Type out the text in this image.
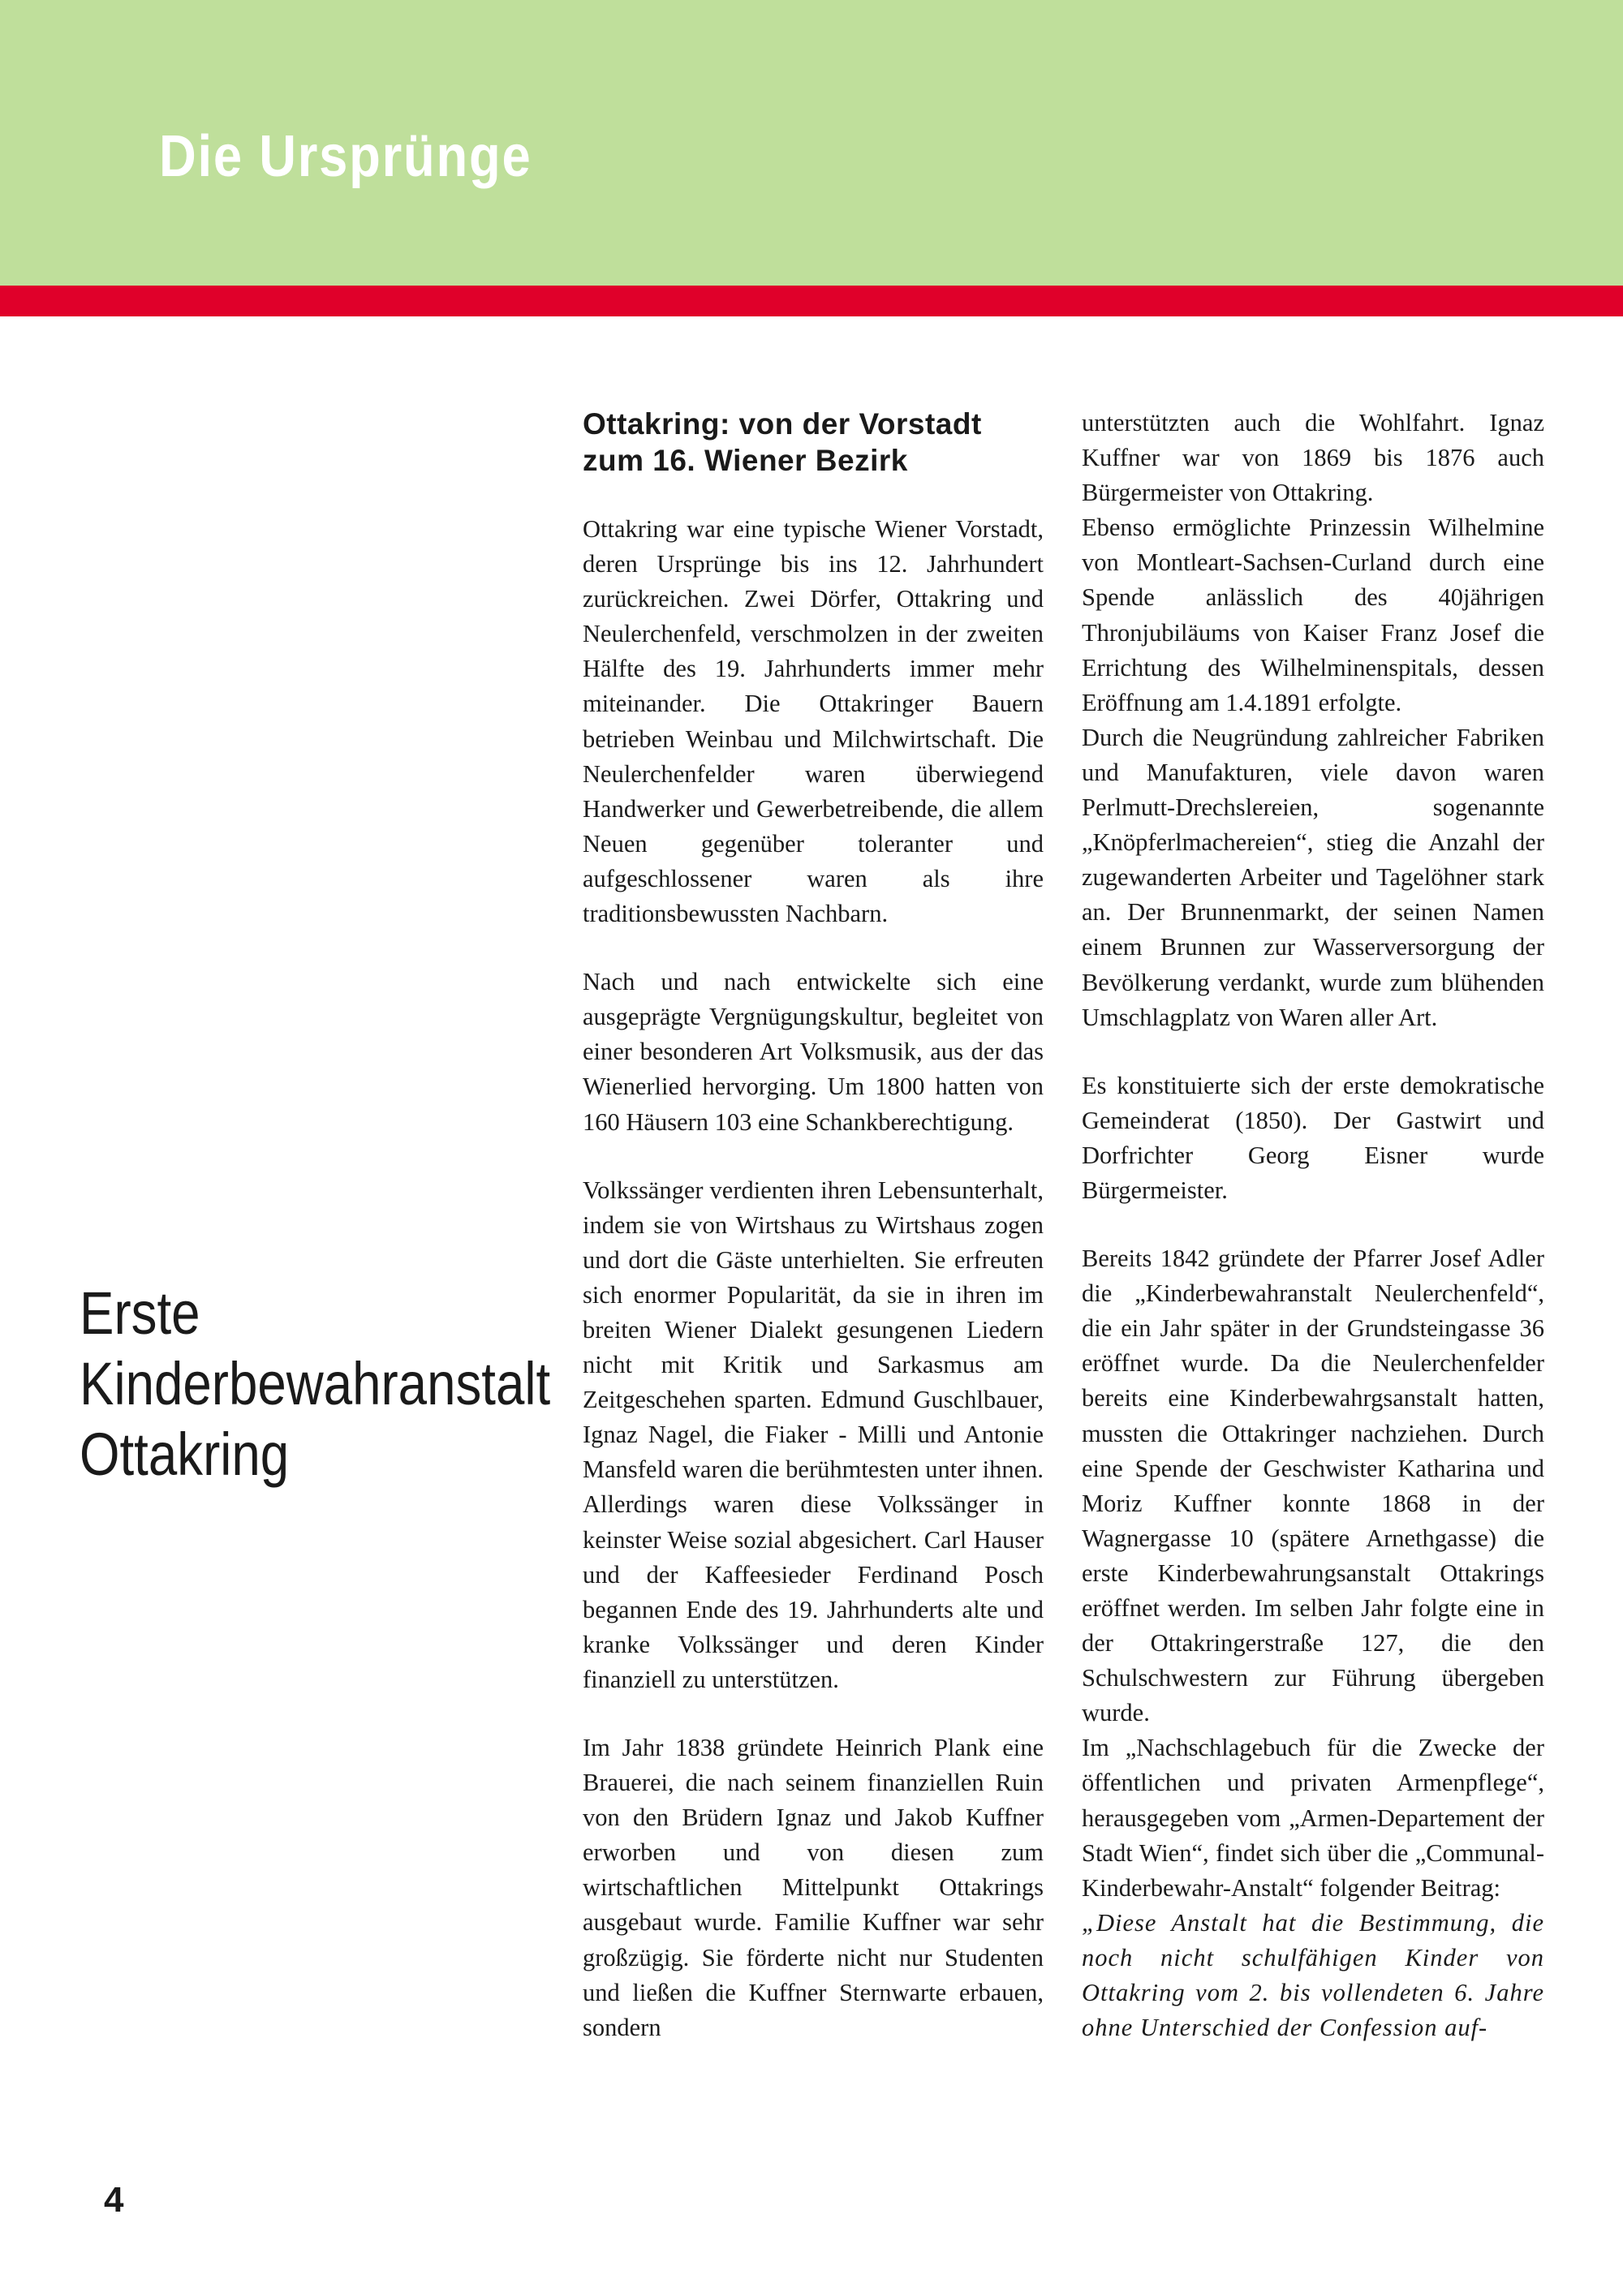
Die Ursprünge
Erste
Kinderbewahranstalt
Ottakring
Ottakring: von der Vorstadt
zum 16. Wiener Bezirk

Ottakring war eine typische Wiener Vorstadt, deren Ursprünge bis ins 12. Jahrhundert zurückreichen. Zwei Dörfer, Ottakring und Neulerchenfeld, verschmolzen in der zweiten Hälfte des 19. Jahrhunderts immer mehr miteinander. Die Ottakringer Bauern betrieben Weinbau und Milchwirtschaft. Die Neulerchenfelder waren überwiegend Handwerker und Gewerbetreibende, die allem Neuen gegenüber toleranter und aufgeschlossener waren als ihre traditionsbewussten Nachbarn.

Nach und nach entwickelte sich eine ausgeprägte Vergnügungskultur, begleitet von einer besonderen Art Volksmusik, aus der das Wienerlied hervorging. Um 1800 hatten von 160 Häusern 103 eine Schankberechtigung.

Volkssänger verdienten ihren Lebensunterhalt, indem sie von Wirtshaus zu Wirtshaus zogen und dort die Gäste unterhielten. Sie erfreuten sich enormer Popularität, da sie in ihren im breiten Wiener Dialekt gesungenen Liedern nicht mit Kritik und Sarkasmus am Zeitgeschehen sparten. Edmund Guschlbauer, Ignaz Nagel, die Fiaker - Milli und Antonie Mansfeld waren die berühmtesten unter ihnen. Allerdings waren diese Volkssänger in keinster Weise sozial abgesichert. Carl Hauser und der Kaffeesieder Ferdinand Posch begannen Ende des 19. Jahrhunderts alte und kranke Volkssänger und deren Kinder finanziell zu unterstützen.

Im Jahr 1838 gründete Heinrich Plank eine Brauerei, die nach seinem finanziellen Ruin von den Brüdern Ignaz und Jakob Kuffner erworben und von diesen zum wirtschaftlichen Mittelpunkt Ottakrings ausgebaut wurde. Familie Kuffner war sehr großzügig. Sie förderte nicht nur Studenten und ließen die Kuffner Sternwarte erbauen, sondern

unterstützten auch die Wohlfahrt. Ignaz Kuffner war von 1869 bis 1876 auch Bürgermeister von Ottakring.

Ebenso ermöglichte Prinzessin Wilhelmine von Montleart-Sachsen-Curland durch eine Spende anlässlich des 40jährigen Thronjubiläums von Kaiser Franz Josef die Errichtung des Wilhelminenspitals, dessen Eröffnung am 1.4.1891 erfolgte.

Durch die Neugründung zahlreicher Fabriken und Manufakturen, viele davon waren Perlmutt-Drechslereien, sogenannte „Knöpferlmachereien“, stieg die Anzahl der zugewanderten Arbeiter und Tagelöhner stark an. Der Brunnenmarkt, der seinen Namen einem Brunnen zur Wasserversorgung der Bevölkerung verdankt, wurde zum blühenden Umschlagplatz von Waren aller Art.

Es konstituierte sich der erste demokratische Gemeinderat (1850). Der Gastwirt und Dorfrichter Georg Eisner wurde Bürgermeister.

Bereits 1842 gründete der Pfarrer Josef Adler die „Kinderbewahranstalt Neulerchenfeld“, die ein Jahr später in der Grundsteingasse 36 eröffnet wurde. Da die Neulerchenfelder bereits eine Kinderbewahrgsanstalt hatten, mussten die Ottakringer nachziehen. Durch eine Spende der Geschwister Katharina und Moriz Kuffner konnte 1868 in der Wagnergasse 10 (spätere Arnethgasse) die erste Kinderbewahrungsanstalt Ottakrings eröffnet werden. Im selben Jahr folgte eine in der Ottakringerstraße 127, die den Schulschwestern zur Führung übergeben wurde.

Im „Nachschlagebuch für die Zwecke der öffentlichen und privaten Armenpflege“, herausgegeben vom „Armen-Departement der Stadt Wien“, findet sich über die „Communal-Kinderbewahr-Anstalt“ folgender Beitrag:

„Diese Anstalt hat die Bestimmung, die noch nicht schulfähigen Kinder von Ottakring vom 2. bis vollendeten 6. Jahre ohne Unterschied der Confession auf-

4
